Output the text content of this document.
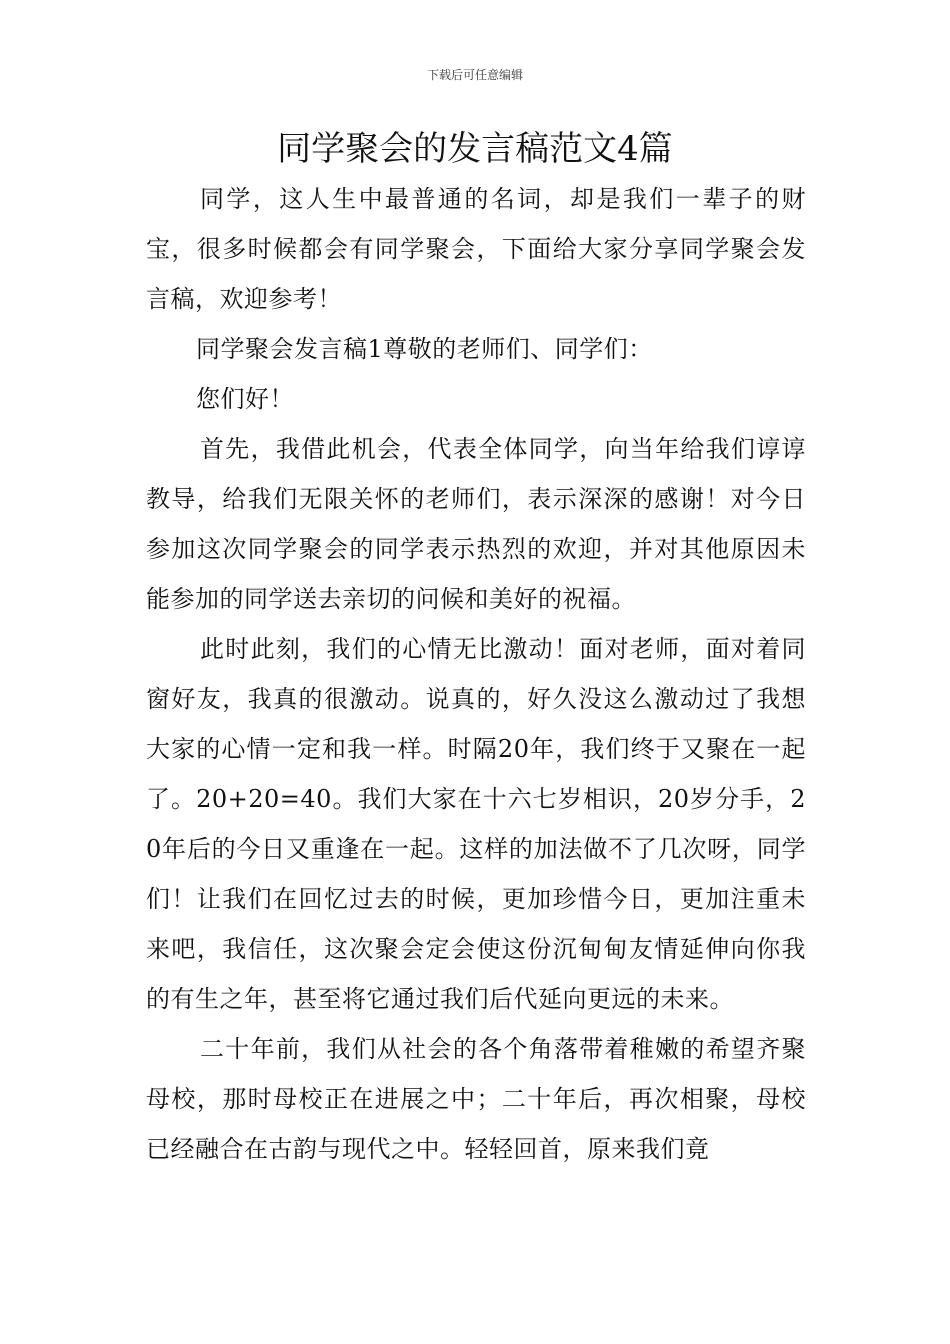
下载后可任意编辑
同学聚会的发言稿范文4篇

同学，这人生中最普通的名词，却是我们一辈子的财宝，很多时候都会有同学聚会，下面给大家分享同学聚会发言稿，欢迎参考！

同学聚会发言稿1尊敬的老师们、同学们：

您们好！

首先，我借此机会，代表全体同学，向当年给我们谆谆教导，给我们无限关怀的老师们，表示深深的感谢！对今日参加这次同学聚会的同学表示热烈的欢迎，并对其他原因未能参加的同学送去亲切的问候和美好的祝福。

此时此刻，我们的心情无比激动！面对老师，面对着同窗好友，我真的很激动。说真的，好久没这么激动过了我想大家的心情一定和我一样。时隔20年，我们终于又聚在一起了。20+20=40。我们大家在十六七岁相识，20岁分手，20年后的今日又重逢在一起。这样的加法做不了几次呀，同学们！让我们在回忆过去的时候，更加珍惜今日，更加注重未来吧，我信任，这次聚会定会使这份沉甸甸友情延伸向你我的有生之年，甚至将它通过我们后代延向更远的未来。

二十年前，我们从社会的各个角落带着稚嫩的希望齐聚母校，那时母校正在进展之中；二十年后，再次相聚，母校已经融合在古韵与现代之中。轻轻回首，原来我们竟
